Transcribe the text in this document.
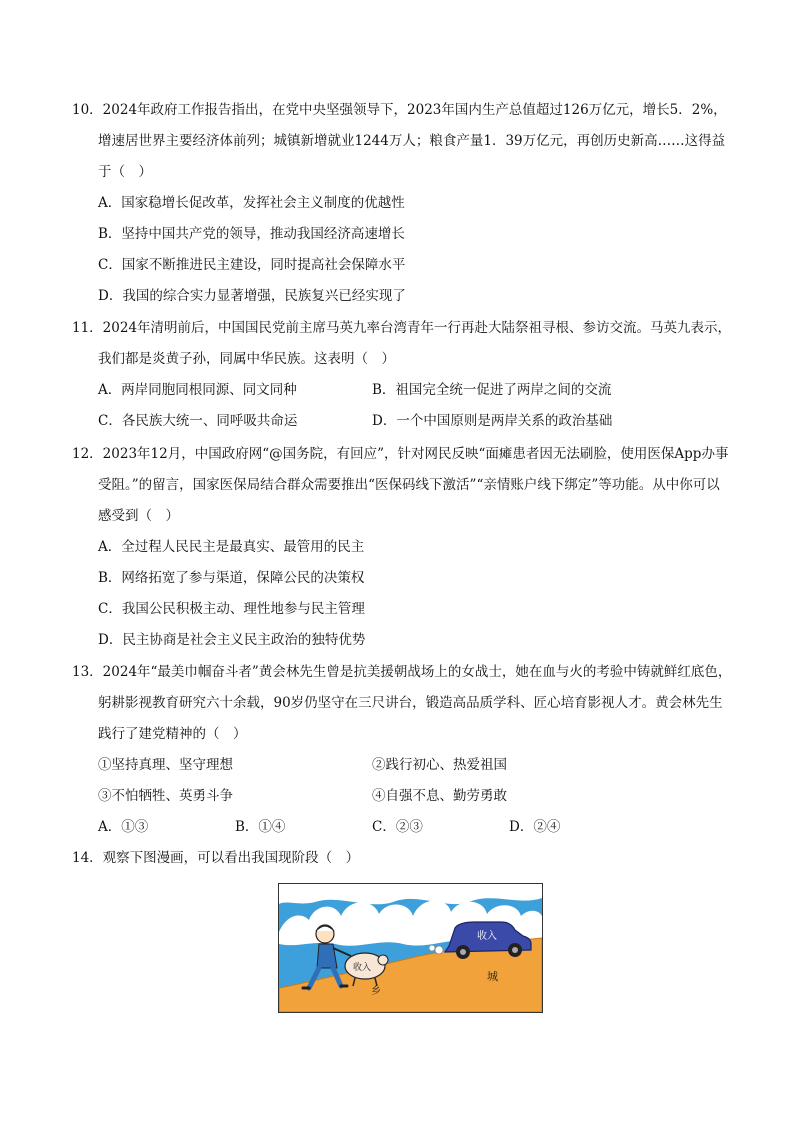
10．2024年政府工作报告指出，在党中央坚强领导下，2023年国内生产总值超过126万亿元，增长5．2%，增速居世界主要经济体前列；城镇新增就业1244万人；粮食产量1．39万亿元，再创历史新高……这得益于（　）

A．国家稳增长促改革，发挥社会主义制度的优越性

B．坚持中国共产党的领导，推动我国经济高速增长

C．国家不断推进民主建设，同时提高社会保障水平

D．我国的综合实力显著增强，民族复兴已经实现了

11．2024年清明前后，中国国民党前主席马英九率台湾青年一行再赴大陆祭祖寻根、参访交流。马英九表示，我们都是炎黄子孙，同属中华民族。这表明（　）

A．两岸同胞同根同源、同文同种	B．祖国完全统一促进了两岸之间的交流
C．各民族大统一、同呼吸共命运	D．一个中国原则是两岸关系的政治基础

12．2023年12月，中国政府网“@国务院，有回应”，针对网民反映“面瘫患者因无法刷脸，使用医保App办事受阻。”的留言，国家医保局结合群众需要推出“医保码线下激活”“亲情账户线下绑定”等功能。从中你可以感受到（　）

A．全过程人民民主是最真实、最管用的民主

B．网络拓宽了参与渠道，保障公民的决策权

C．我国公民积极主动、理性地参与民主管理

D．民主协商是社会主义民主政治的独特优势

13．2024年“最美巾帼奋斗者”黄会林先生曾是抗美援朝战场上的女战士，她在血与火的考验中铸就鲜红底色，躬耕影视教育研究六十余载，90岁仍坚守在三尺讲台，锻造高品质学科、匠心培育影视人才。黄会林先生践行了建党精神的（　）

①坚持真理、坚守理想	②践行初心、热爱祖国
③不怕牺牲、英勇斗争	④自强不息、勤劳勇敢
A．①③	B．①④	C．②③	D．②④

14．观察下图漫画，可以看出我国现阶段（　）

收入
乡
收入
城
